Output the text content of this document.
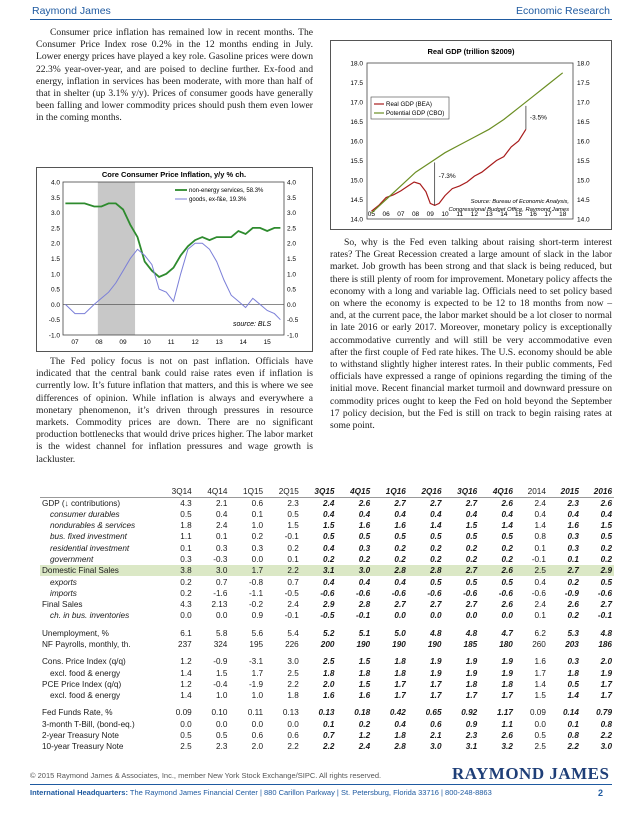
Raymond James	Economic Research

Consumer price inflation has remained low in recent months. The Consumer Price Index rose 0.2% in the 12 months ending in July. Lower energy prices have played a key role. Gasoline prices were down 22.3% year-over-year, and are poised to decline further. Ex-food and energy, inflation in services has been moderate, with more than half of that in shelter (up 3.1% y/y). Prices of consumer goods have generally been falling and lower commodity prices should push them even lower in the coming months.

Core Consumer Price Inflation, y/y % ch.
4.0	4.0
3.5	3.5
3.0	3.0
2.5	2.5
2.0	2.0
1.5	1.5
1.0	1.0
0.5	0.5
0.0	0.0
-0.5	-0.5
-1.0	-1.0
07	08	09	10	11	12	13	14	15
non-energy services, 58.3%
goods, ex-f&e, 19.3%
source: BLS

The Fed policy focus is not on past inflation. Officials have indicated that the central bank could raise rates even if inflation is currently low. It’s future inflation that matters, and this is where we see differences of opinion. While inflation is always and everywhere a monetary phenomenon, it’s driven through pressures in resource markets. Commodity prices are down. There are no significant production bottlenecks that would drive prices higher. The labor market is the widest channel for inflation pressures and wage growth is lackluster.

Real GDP (trillion $2009)
18.0	18.0
17.5	17.5
17.0	17.0
16.5	16.5
16.0	16.0
15.5	15.5
15.0	15.0
14.5	14.5
14.0	14.0
05 06 07 08 09 10 11 12 13 14 15 16 17 18
Real GDP (BEA)
Potential GDP (CBO)
-7.3%
-3.5%
Source: Bureau of Economic Analysis,
Congressional Budget Office, Raymond James

So, why is the Fed even talking about raising short-term interest rates? The Great Recession created a large amount of slack in the labor market. Job growth has been strong and that slack is being reduced, but there is still plenty of room for improvement. Monetary policy affects the economy with a long and variable lag. Officials need to set policy based on where the economy is expected to be 12 to 18 months from now – and, at the current pace, the labor market should be a lot closer to normal in late 2016 or early 2017. Moreover, monetary policy is exceptionally accommodative currently and will still be very accommodative even after the first couple of Fed rate hikes. The U.S. economy should be able to withstand slightly higher interest rates. In their public comments, Fed officials have expressed a range of opinions regarding the timing of the initial move. Recent financial market turmoil and downward pressure on commodity prices ought to keep the Fed on hold beyond the September 17 policy decision, but the Fed is still on track to begin raising rates at some point.

	3Q14	4Q14	1Q15	2Q15	3Q15	4Q15	1Q16	2Q16	3Q16	4Q16	2014	2015	2016
GDP (↓ contributions)	4.3	2.1	0.6	2.3	2.4	2.6	2.7	2.7	2.7	2.6	2.4	2.3	2.6
consumer durables	0.5	0.4	0.1	0.5	0.4	0.4	0.4	0.4	0.4	0.4	0.4	0.4	0.4
nondurables & services	1.8	2.4	1.0	1.5	1.5	1.6	1.6	1.4	1.5	1.4	1.4	1.6	1.5
bus. fixed investment	1.1	0.1	0.2	-0.1	0.5	0.5	0.5	0.5	0.5	0.5	0.8	0.3	0.5
residential investment	0.1	0.3	0.3	0.2	0.4	0.3	0.2	0.2	0.2	0.2	0.1	0.3	0.2
government	0.3	-0.3	0.0	0.1	0.2	0.2	0.2	0.2	0.2	0.2	-0.1	0.1	0.2
Domestic Final Sales	3.8	3.0	1.7	2.2	3.1	3.0	2.8	2.8	2.7	2.6	2.5	2.7	2.9
exports	0.2	0.7	-0.8	0.7	0.4	0.4	0.4	0.5	0.5	0.5	0.4	0.2	0.5
imports	0.2	-1.6	-1.1	-0.5	-0.6	-0.6	-0.6	-0.6	-0.6	-0.6	-0.6	-0.9	-0.6
Final Sales	4.3	2.13	-0.2	2.4	2.9	2.8	2.7	2.7	2.7	2.6	2.4	2.6	2.7
ch. in bus. inventories	0.0	0.0	0.9	-0.1	-0.5	-0.1	0.0	0.0	0.0	0.0	0.1	0.2	-0.1

Unemployment, %	6.1	5.8	5.6	5.4	5.2	5.1	5.0	4.8	4.8	4.7	6.2	5.3	4.8
NF Payrolls, monthly, th.	237	324	195	226	200	190	190	190	185	180	260	203	186

Cons. Price Index (q/q)	1.2	-0.9	-3.1	3.0	2.5	1.5	1.8	1.9	1.9	1.9	1.6	0.3	2.0
excl. food & energy	1.4	1.5	1.7	2.5	1.8	1.8	1.8	1.9	1.9	1.9	1.7	1.8	1.9
PCE Price Index (q/q)	1.2	-0.4	-1.9	2.2	2.0	1.5	1.7	1.7	1.8	1.8	1.4	0.5	1.7
excl. food & energy	1.4	1.0	1.0	1.8	1.6	1.6	1.7	1.7	1.7	1.7	1.5	1.4	1.7

Fed Funds Rate, %	0.09	0.10	0.11	0.13	0.13	0.18	0.42	0.65	0.92	1.17	0.09	0.14	0.79
3-month T-Bill, (bond-eq.)	0.0	0.0	0.0	0.0	0.1	0.2	0.4	0.6	0.9	1.1	0.0	0.1	0.8
2-year Treasury Note	0.5	0.5	0.6	0.6	0.7	1.2	1.8	2.1	2.3	2.6	0.5	0.8	2.2
10-year Treasury Note	2.5	2.3	2.0	2.2	2.2	2.4	2.8	3.0	3.1	3.2	2.5	2.2	3.0
© 2015 Raymond James & Associates, Inc., member New York Stock Exchange/SIPC. All rights reserved.	RAYMOND JAMES
International Headquarters: The Raymond James Financial Center | 880 Carillon Parkway | St. Petersburg, Florida 33716 | 800-248-8863	2
